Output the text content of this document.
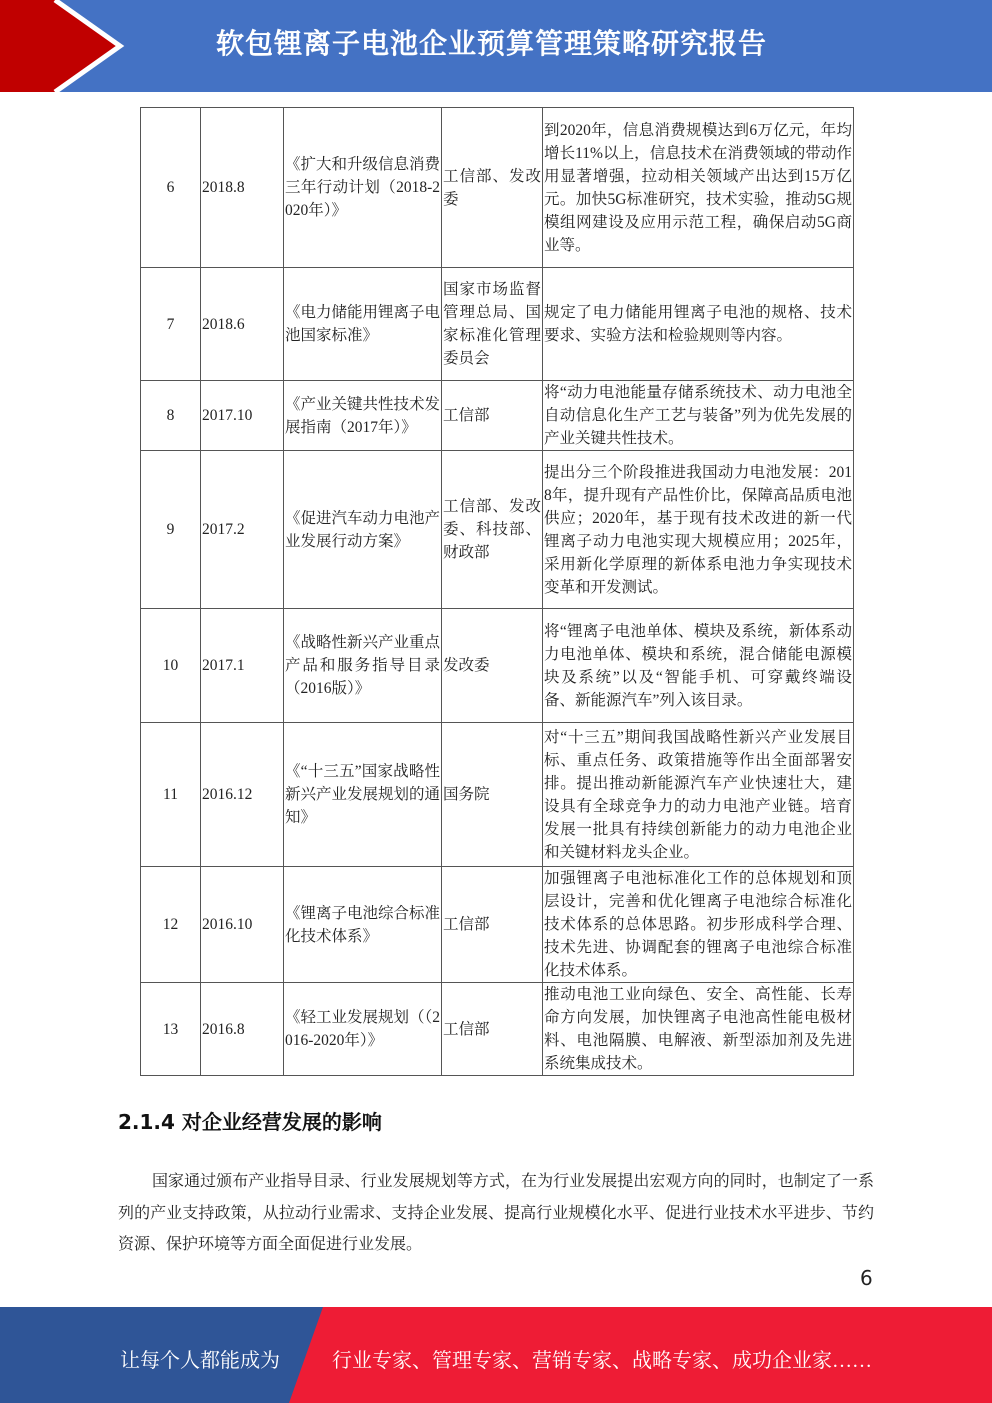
软包锂离子电池企业预算管理策略研究报告
6	2018.8	《扩大和升级信息消费三年行动计划（2018-2020年）》	工信部、发改委	到2020年，信息消费规模达到6万亿元，年均增长11%以上，信息技术在消费领域的带动作用显著增强，拉动相关领域产出达到15万亿元。加快5G标准研究，技术实验，推动5G规模组网建设及应用示范工程，确保启动5G商业等。
7	2018.6	《电力储能用锂离子电池国家标准》	国家市场监督管理总局、国家标准化管理委员会	规定了电力储能用锂离子电池的规格、技术要求、实验方法和检验规则等内容。
8	2017.10	《产业关键共性技术发展指南（2017年）》	工信部	将“动力电池能量存储系统技术、动力电池全自动信息化生产工艺与装备”列为优先发展的产业关键共性技术。
9	2017.2	《促进汽车动力电池产业发展行动方案》	工信部、发改委、科技部、财政部	提出分三个阶段推进我国动力电池发展：2018年，提升现有产品性价比，保障高品质电池供应；2020年，基于现有技术改进的新一代锂离子动力电池实现大规模应用；2025年，采用新化学原理的新体系电池力争实现技术变革和开发测试。
10	2017.1	《战略性新兴产业重点产品和服务指导目录（2016版）》	发改委	将“锂离子电池单体、模块及系统，新体系动力电池单体、模块和系统，混合储能电源模块及系统”以及“智能手机、可穿戴终端设备、新能源汽车”列入该目录。
11	2016.12	《“十三五”国家战略性新兴产业发展规划的通知》	国务院	对“十三五”期间我国战略性新兴产业发展目标、重点任务、政策措施等作出全面部署安排。提出推动新能源汽车产业快速壮大，建设具有全球竞争力的动力电池产业链。培育发展一批具有持续创新能力的动力电池企业和关键材料龙头企业。
12	2016.10	《锂离子电池综合标准化技术体系》	工信部	加强锂离子电池标准化工作的总体规划和顶层设计，完善和优化锂离子电池综合标准化技术体系的总体思路。初步形成科学合理、技术先进、协调配套的锂离子电池综合标准化技术体系。
13	2016.8	《轻工业发展规划（（2016-2020年）》	工信部	推动电池工业向绿色、安全、高性能、长寿命方向发展，加快锂离子电池高性能电极材料、电池隔膜、电解液、新型添加剂及先进系统集成技术。
2.1.4 对企业经营发展的影响
国家通过颁布产业指导目录、行业发展规划等方式，在为行业发展提出宏观方向的同时，也制定了一系列的产业支持政策，从拉动行业需求、支持企业发展、提高行业规模化水平、促进行业技术水平进步、节约资源、保护环境等方面全面促进行业发展。
6
让每个人都能成为	行业专家、管理专家、营销专家、战略专家、成功企业家……
